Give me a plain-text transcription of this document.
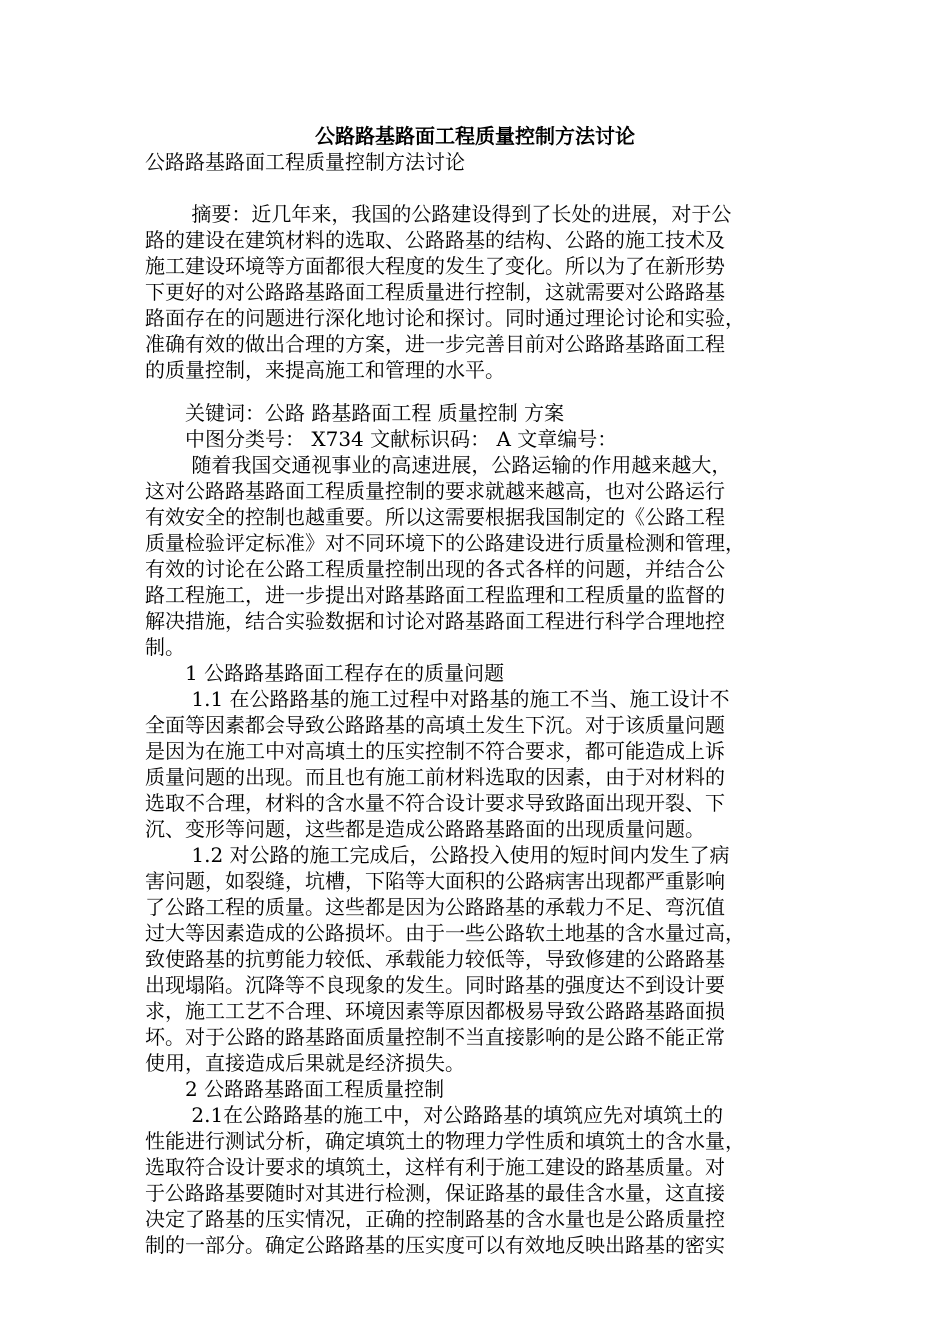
公路路基路面工程质量控制方法讨论
公路路基路面工程质量控制方法讨论
　　 摘要：近几年来，我国的公路建设得到了长处的进展，对于公
路的建设在建筑材料的选取、公路路基的结构、公路的施工技术及
施工建设环境等方面都很大程度的发生了变化。所以为了在新形势
下更好的对公路路基路面工程质量进行控制，这就需要对公路路基
路面存在的问题进行深化地讨论和探讨。同时通过理论讨论和实验，
准确有效的做出合理的方案，进一步完善目前对公路路基路面工程
的质量控制，来提高施工和管理的水平。
　　关键词：公路 路基路面工程 质量控制 方案
　　中图分类号： X734 文献标识码： A 文章编号：
　　 随着我国交通视事业的高速进展，公路运输的作用越来越大，
这对公路路基路面工程质量控制的要求就越来越高，也对公路运行
有效安全的控制也越重要。所以这需要根据我国制定的《公路工程
质量检验评定标准》对不同环境下的公路建设进行质量检测和管理，
有效的讨论在公路工程质量控制出现的各式各样的问题，并结合公
路工程施工，进一步提出对路基路面工程监理和工程质量的监督的
解决措施，结合实验数据和讨论对路基路面工程进行科学合理地控
制。
　　1 公路路基路面工程存在的质量问题
　　 1.1 在公路路基的施工过程中对路基的施工不当、施工设计不
全面等因素都会导致公路路基的高填土发生下沉。对于该质量问题
是因为在施工中对高填土的压实控制不符合要求，都可能造成上诉
质量问题的出现。而且也有施工前材料选取的因素，由于对材料的
选取不合理，材料的含水量不符合设计要求导致路面出现开裂、下
沉、变形等问题，这些都是造成公路路基路面的出现质量问题。
　　 1.2 对公路的施工完成后，公路投入使用的短时间内发生了病
害问题，如裂缝，坑槽，下陷等大面积的公路病害出现都严重影响
了公路工程的质量。这些都是因为公路路基的承载力不足、弯沉值
过大等因素造成的公路损坏。由于一些公路软土地基的含水量过高，
致使路基的抗剪能力较低、承载能力较低等，导致修建的公路路基
出现塌陷。沉降等不良现象的发生。同时路基的强度达不到设计要
求，施工工艺不合理、环境因素等原因都极易导致公路路基路面损
坏。对于公路的路基路面质量控制不当直接影响的是公路不能正常
使用，直接造成后果就是经济损失。
　　2 公路路基路面工程质量控制
　　 2.1在公路路基的施工中，对公路路基的填筑应先对填筑土的
性能进行测试分析，确定填筑土的物理力学性质和填筑土的含水量，
选取符合设计要求的填筑土，这样有利于施工建设的路基质量。对
于公路路基要随时对其进行检测，保证路基的最佳含水量，这直接
决定了路基的压实情况，正确的控制路基的含水量也是公路质量控
制的一部分。确定公路路基的压实度可以有效地反映出路基的密实
